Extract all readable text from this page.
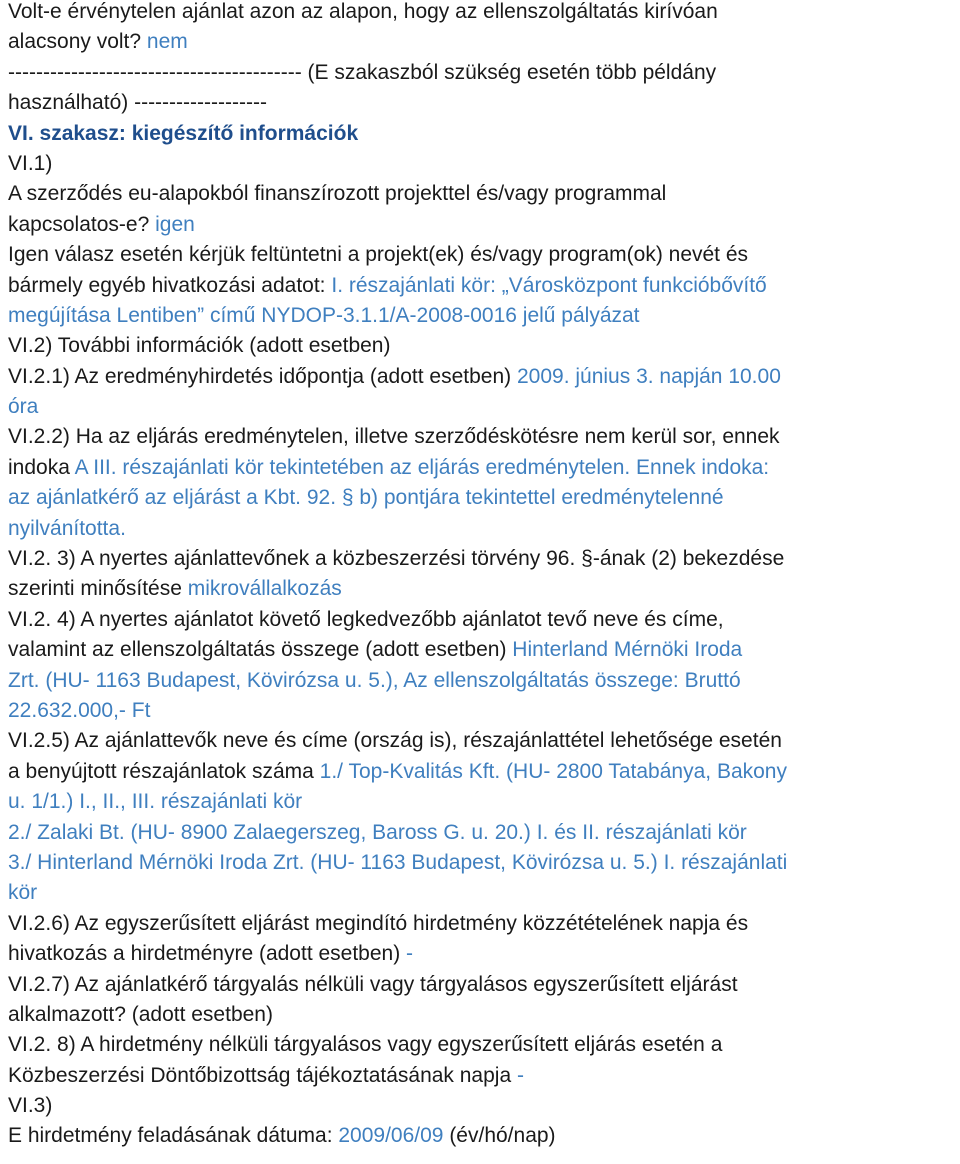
Volt-e érvénytelen ajánlat azon az alapon, hogy az ellenszolgáltatás kirívóan
alacsony volt? nem
------------------------------------------ (E szakaszból szükség esetén több példány
használható) -------------------
VI. szakasz: kiegészítő információk
VI.1)
A szerződés eu-alapokból finanszírozott projekttel és/vagy programmal
kapcsolatos-e? igen
Igen válasz esetén kérjük feltüntetni a projekt(ek) és/vagy program(ok) nevét és
bármely egyéb hivatkozási adatot: I. részajánlati kör: „Városközpont funkcióbővítő
megújítása Lentiben” című NYDOP-3.1.1/A-2008-0016 jelű pályázat
VI.2) További információk (adott esetben)
VI.2.1) Az eredményhirdetés időpontja (adott esetben) 2009. június 3. napján 10.00
óra
VI.2.2) Ha az eljárás eredménytelen, illetve szerződéskötésre nem kerül sor, ennek
indoka A III. részajánlati kör tekintetében az eljárás eredménytelen. Ennek indoka:
az ajánlatkérő az eljárást a Kbt. 92. § b) pontjára tekintettel eredménytelenné
nyilvánította.
VI.2. 3) A nyertes ajánlattevőnek a közbeszerzési törvény 96. §-ának (2) bekezdése
szerinti minősítése mikrovállalkozás
VI.2. 4) A nyertes ajánlatot követő legkedvezőbb ajánlatot tevő neve és címe,
valamint az ellenszolgáltatás összege (adott esetben) Hinterland Mérnöki Iroda
Zrt. (HU- 1163 Budapest, Kövirózsa u. 5.), Az ellenszolgáltatás összege: Bruttó
22.632.000,- Ft
VI.2.5) Az ajánlattevők neve és címe (ország is), részajánlattétel lehetősége esetén
a benyújtott részajánlatok száma 1./ Top-Kvalitás Kft. (HU- 2800 Tatabánya, Bakony
u. 1/1.) I., II., III. részajánlati kör
2./ Zalaki Bt. (HU- 8900 Zalaegerszeg, Baross G. u. 20.) I. és II. részajánlati kör
3./ Hinterland Mérnöki Iroda Zrt. (HU- 1163 Budapest, Kövirózsa u. 5.) I. részajánlati
kör
VI.2.6) Az egyszerűsített eljárást megindító hirdetmény közzétételének napja és
hivatkozás a hirdetményre (adott esetben) -
VI.2.7) Az ajánlatkérő tárgyalás nélküli vagy tárgyalásos egyszerűsített eljárást
alkalmazott? (adott esetben)
VI.2. 8) A hirdetmény nélküli tárgyalásos vagy egyszerűsített eljárás esetén a
Közbeszerzési Döntőbizottság tájékoztatásának napja -
VI.3)
E hirdetmény feladásának dátuma: 2009/06/09 (év/hó/nap)
